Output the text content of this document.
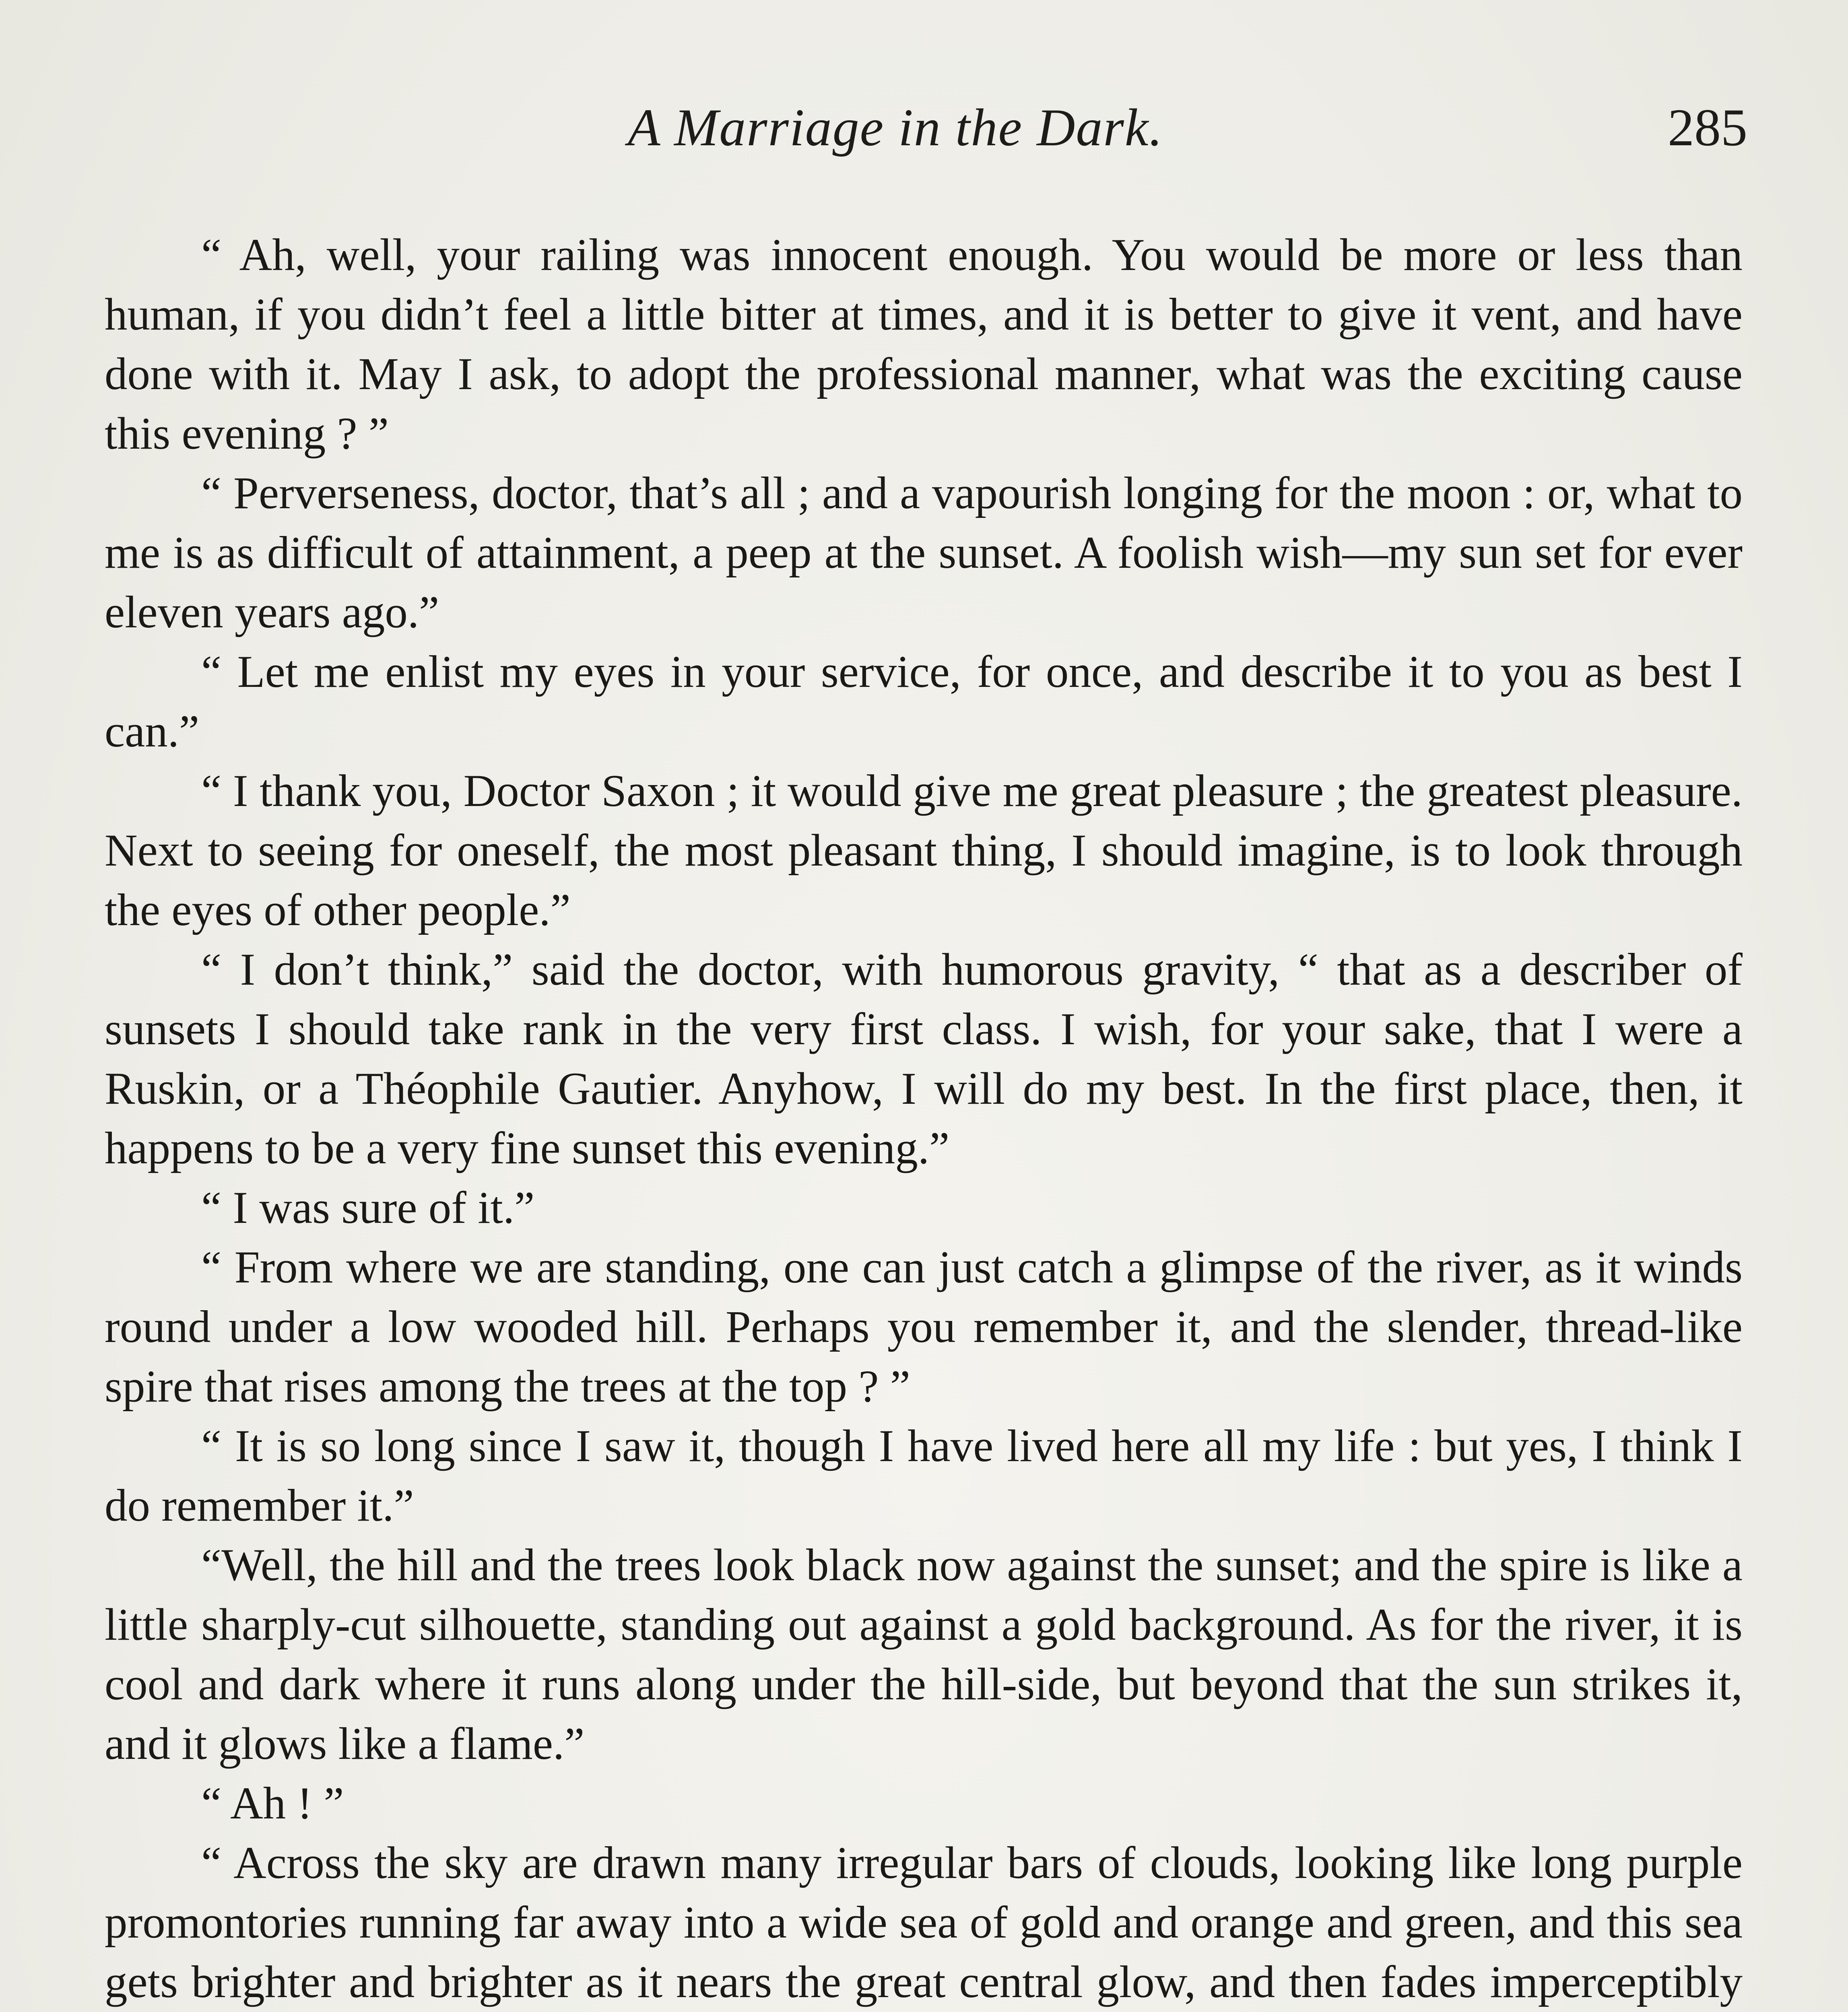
A Marriage in the Dark.	285

“ Ah, well, your railing was innocent enough. You would be more or less than human, if you didn’t feel a little bitter at times, and it is better to give it vent, and have done with it. May I ask, to adopt the professional manner, what was the exciting cause this evening ? ”

“ Perverseness, doctor, that’s all ; and a vapourish longing for the moon : or, what to me is as difficult of attainment, a peep at the sunset. A foolish wish—my sun set for ever eleven years ago.”

“ Let me enlist my eyes in your service, for once, and describe it to you as best I can.”

“ I thank you, Doctor Saxon ; it would give me great pleasure ; the greatest pleasure. Next to seeing for oneself, the most pleasant thing, I should imagine, is to look through the eyes of other people.”

“ I don’t think,” said the doctor, with humorous gravity, “ that as a describer of sunsets I should take rank in the very first class. I wish, for your sake, that I were a Ruskin, or a Théophile Gautier. Anyhow, I will do my best. In the first place, then, it happens to be a very fine sunset this evening.”

“ I was sure of it.”

“ From where we are standing, one can just catch a glimpse of the river, as it winds round under a low wooded hill. Perhaps you remember it, and the slender, thread-like spire that rises among the trees at the top ? ”

“ It is so long since I saw it, though I have lived here all my life : but yes, I think I do remember it.”

“Well, the hill and the trees look black now against the sunset; and the spire is like a little sharply-cut silhouette, standing out against a gold background. As for the river, it is cool and dark where it runs along under the hill-side, but beyond that the sun strikes it, and it glows like a flame.”

“ Ah ! ”

“ Across the sky are drawn many irregular bars of clouds, looking like long purple promontories running far away into a wide sea of gold and orange and green, and this sea gets brighter and brighter as it nears the great central glow, and then fades imperceptibly
